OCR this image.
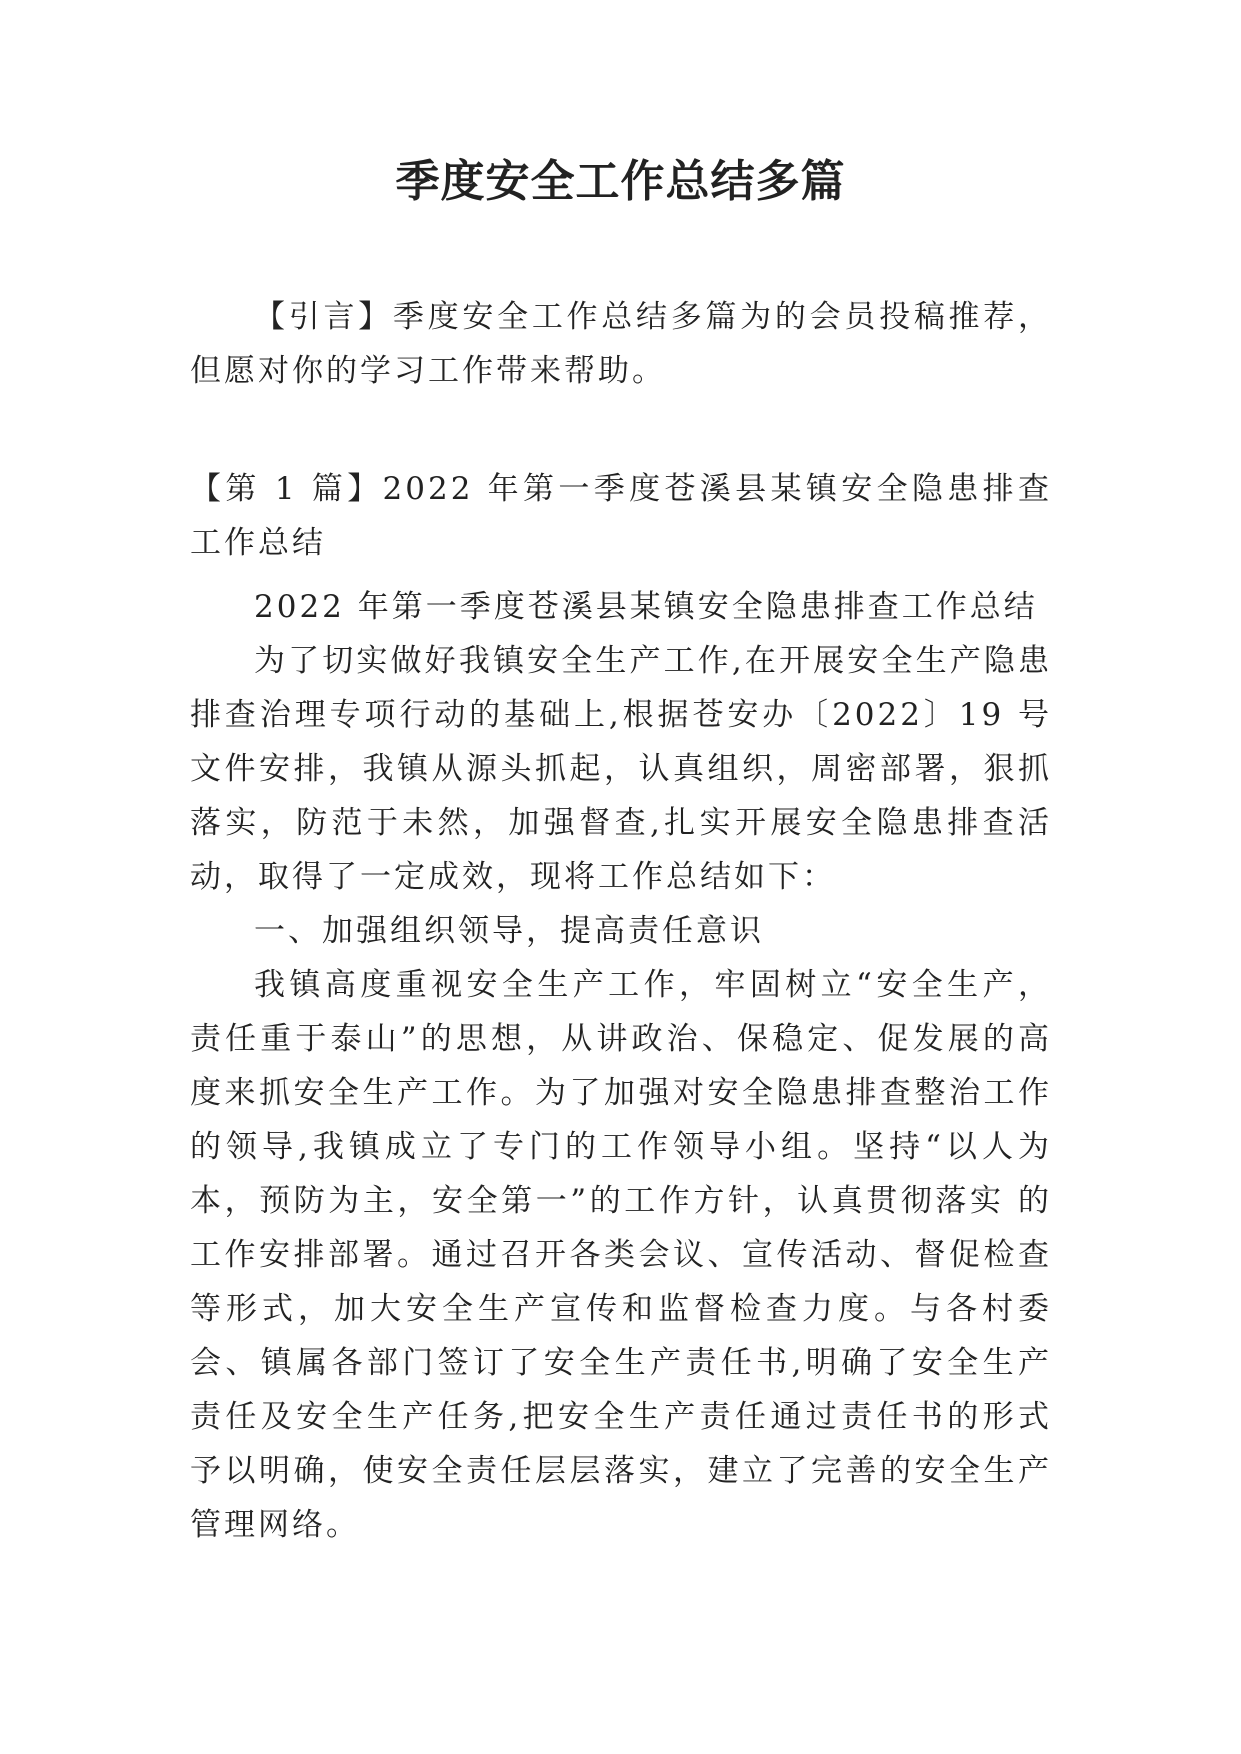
季度安全工作总结多篇

【引言】季度安全工作总结多篇为的会员投稿推荐，但愿对你的学习工作带来帮助。

【第 1 篇】2022 年第一季度苍溪县某镇安全隐患排查工作总结

2022 年第一季度苍溪县某镇安全隐患排查工作总结

为了切实做好我镇安全生产工作,在开展安全生产隐患排查治理专项行动的基础上,根据苍安办〔2022〕19 号文件安排，我镇从源头抓起，认真组织，周密部署，狠抓落实，防范于未然，加强督查,扎实开展安全隐患排查活动，取得了一定成效，现将工作总结如下：

一、加强组织领导，提高责任意识

我镇高度重视安全生产工作，牢固树立“安全生产，责任重于泰山”的思想，从讲政治、保稳定、促发展的高度来抓安全生产工作。为了加强对安全隐患排查整治工作的领导,我镇成立了专门的工作领导小组。坚持“以人为本，预防为主，安全第一”的工作方针，认真贯彻落实 的工作安排部署。通过召开各类会议、宣传活动、督促检查等形式，加大安全生产宣传和监督检查力度。与各村委会、镇属各部门签订了安全生产责任书,明确了安全生产责任及安全生产任务,把安全生产责任通过责任书的形式予以明确，使安全责任层层落实，建立了完善的安全生产管理网络。
